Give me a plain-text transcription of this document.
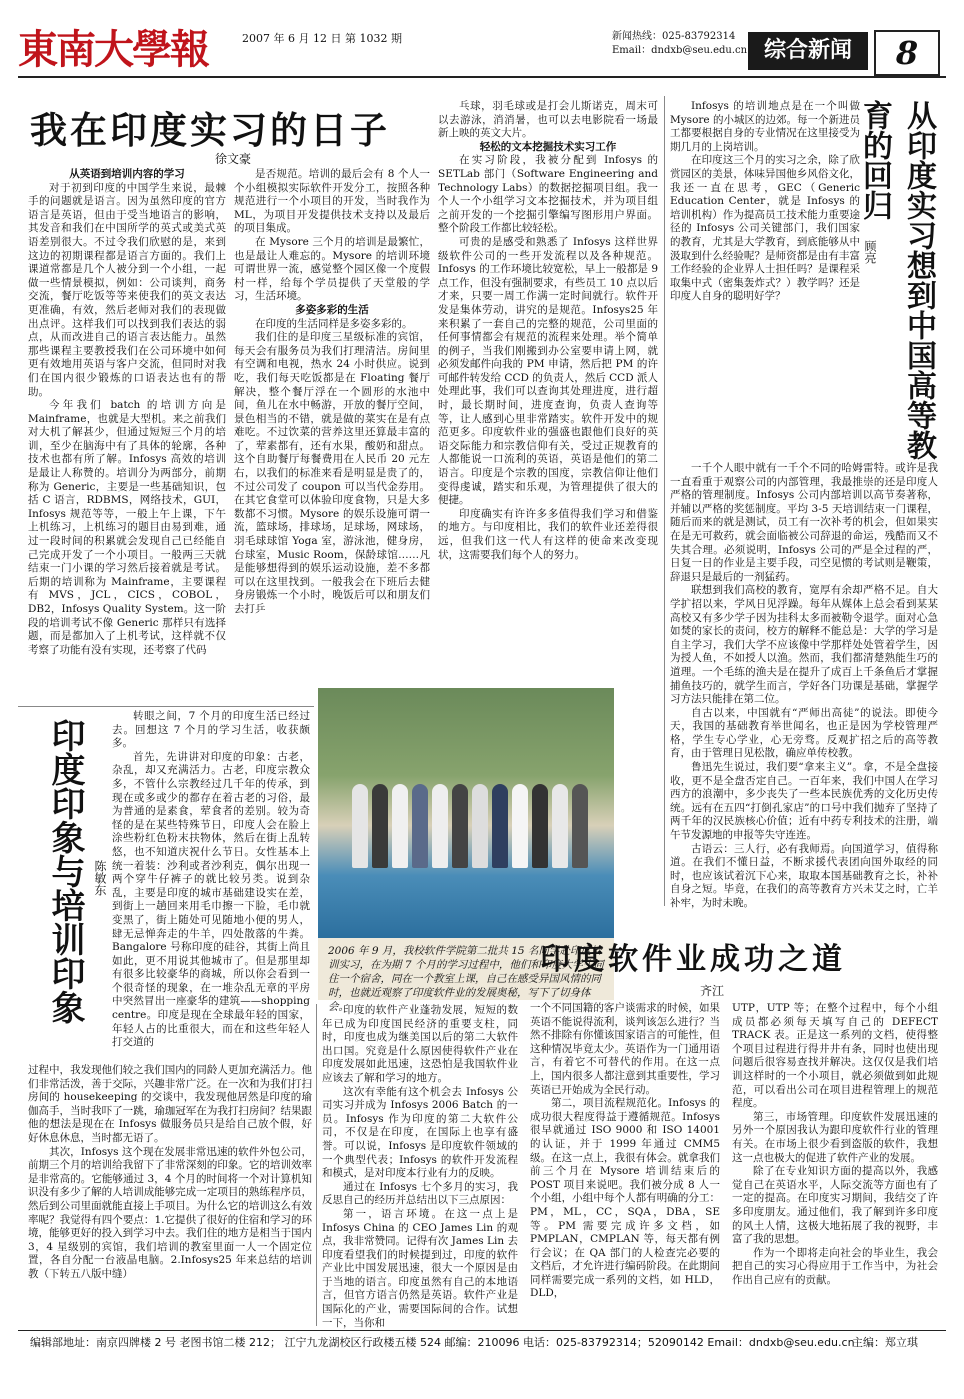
東南大學報	2007 年 6 月 12 日 第 1032 期	新闻热线：025-83792314
Email：dndxb@seu.edu.cn 综合新闻	8
我在印度实习的日子
徐文豪

从英语到培训内容的学习

对于初到印度的中国学生来说，最棘手的问题就是语言。因为虽然印度的官方语言是英语，但由于受当地语言的影响，其发音和我们在中国所学的英式或美式英语差别很大。不过令我们欣慰的是，来到这边的初期课程都是语言方面的。我们上课道常都是几个人被分到一个小组，一起做一些情景模拟，例如：公司谈判，商务交流，餐厅吃饭等等来使我们的英文表达更准确，有效，然后老师对我们的表现做出点评。这样我们可以找到我们表达的弱点，从而改进自己的语言表达能力。虽然那些课程主要教授我们在公司环境中如何更有效地用英语与客户交流，但同时对我们在国内很少锻炼的口语表达也有的帮助。

今年我们 batch 的培训方向是 Mainframe，也就是大型机。来之前我们对大机了解甚少，但通过短短三个月的培训，至少在脑海中有了具体的轮廓，各种技术也都有所了解。Infosys 高效的培训是最让人称赞的。培训分为两部分，前期称为 Generic，主要是一些基础知识，包括 C 语言，RDBMS，网络技术，GUI，Infosys 规范等等，一般上午上课，下午上机练习，上机练习的题目由易到难，通过一段时间的积累就会发现自己已经能自己完成开发了一个小项目。一般两三天就结束一门小课的学习然后接着就是考试。后期的培训称为 Mainframe，主要课程有 MVS，JCL，CICS，COBOL，DB2，Infosys Quality System。这一阶段的培训考试不像 Generic 那样只有选择题，而是都加入了上机考试，这样就不仅考察了功能有没有实现，还考察了代码

是否规范。培训的最后会有 8 个人一个小组模拟实际软件开发分工，按照各种规范进行一个小项目的开发，当时我作为 ML，为项目开发提供技术支持以及最后的项目集成。

在 Mysore 三个月的培训是最繁忙，也是最让人难忘的。Mysore 的培训环境可谓世界一流，感觉整个园区像一个度假村一样，给每个学员提供了天堂般的学习，生活环境。

多姿多彩的生活

在印度的生活同样是多姿多彩的。

我们住的是印度三星级标准的宾馆，每天会有服务员为我们打理清洁。房间里有空调和电视，热水 24 小时供应。说到吃，我们每天吃饭都是在 Floating 餐厅解决，整个餐厅浮在一个圆形的水池中间，鱼儿在水中畅游，开放的餐厅空间，景色相当的不错，就是做的菜实在是有点难吃。不过饮菜的营养这里还算最丰富的了，荤素都有，还有水果，酸奶和甜点。这个自助餐厅每餐费用在人民币 20 元左右，以我们的标准来看是明显是贵了的，不过公司发了 coupon 可以当代金券用。在其它食堂可以体验印度食物，只是大多数都不习惯。Mysore 的娱乐设施可谓一流，篮球场，排球场，足球场，网球场，羽毛球球馆 Yoga 室，游泳池，健身房，台球室，Music Room，保龄球馆……凡是能够想得到的娱乐运动设施，差不多都可以在这里找到。一般我会在下班后去健身房锻炼一个小时，晚饭后可以和朋友们去打乒

乓球，羽毛球或是打会儿斯诺克，周末可以去游泳，消消暑，也可以去电影院看一场最新上映的英文大片。

轻松的文本挖掘技术实习工作

在实习阶段，我被分配到 Infosys 的 SETLab 部门（Software Engineering and Technology Labs）的数据挖掘项目组。我一个人一个小组学习文本挖掘技术，并为项目组之前开发的一个挖掘引擎编写图形用户界面。整个阶段工作都比较轻松。

可贵的是感受和熟悉了 Infosys 这样世界级软件公司的一些开发流程以及各种规范。Infosys 的工作环境比较宽松，早上一般都是 9 点工作，但没有强制要求，有些员工 10 点以后才来，只要一周工作满一定时间就行。软件开发是集体劳动，讲究的是规范。Infosys25 年来积累了一套自己的完整的规范，公司里面的任何事情都会有规范的流程来处理。举个简单的例子，当我们刚搬到办公室要申请上网，就必须发邮件向我的 PM 申请，然后把 PM 的许可邮件转发给 CCD 的负责人，然后 CCD 派人处理此事，我们可以查询其处理进度，进行超时，最长期时间，进度查询，负责人查询等等，让人感到心里非常踏实。软件开发中的规范更多。印度软件业的强盛也跟他们良好的英语交际能力和宗教信仰有关，受过正规教育的人都能说一口流利的英语，英语是他们的第二语言。印度是个宗教的国度，宗教信仰让他们变得虔诚，踏实和乐观，为管理提供了很大的便捷。

印度确实有许许多多值得我们学习和借鉴的地方。与印度相比，我们的软件业还差得很远，但我们这一代人有这样的使命来改变现状，这需要我们每个人的努力。

从印度实习想到中国高等教育的回归
顾亮

Infosys 的培训地点是在一个叫做 Mysore 的小城区的边郊。每一个新进员工都要根据自身的专业情况在这里接受为期几月的上岗培训。

在印度这三个月的实习之余，除了欣赏园区的美景，体味异国他乡风俗文化，我还一直在思考，GEC（Generic Education Center，就是 Infosys 的培训机构）作为提高员工技术能力重要途径的 Infosys 公司关键部门，我们国家的教育，尤其是大学教育，到底能够从中汲取到什么经验呢？是师资都是由有丰富工作经验的企业界人士担任吗？是课程采取集中式（密集轰炸式？）教学吗？还是印度人自身的聪明好学？

一千个人眼中就有一千个不同的哈姆雷特。或许是我一直看重于观察公司的内部管理，我最推崇的还是印度人严格的管理制度。Infosys 公司内部培训以高节奏著称，并辅以严格的奖惩制度。平均 3-5 天培训结束一门课程，随后而来的就是测试，员工有一次补考的机会，但如果实在是无可救药，就会面临被公司辞退的命运，残酷而又不失其合理。必须说明，Infosys 公司的严是全过程的严，日复一日的作业是主要手段，司空见惯的考试则是鞭策，辞退只是最后的一剂猛药。

联想到我们高校的教育，宽厚有余却严格不足。自大学扩招以来，学风日见浮躁。每年从媒体上总会看到某某高校又有多少学子因为挂科太多而被勒令退学。面对心急如焚的家长的责问，校方的解释不能总是：大学的学习是自主学习，我们大学不应该像中学那样处处管着学生，因为授人鱼，不如授人以渔。然而，我们都清楚熟能生巧的道理。一个毛练的渔夫是在提升了成百上千条鱼后才掌握捕鱼技巧的，就学生而言，学好各门功课是基础，掌握学习方法只能排在第二位。

自古以来，中国就有“严师出高徒”的说法。即使今天，我国的基础教育举世闻名，也正是因为学校管理严格，学生专心学业，心无旁骛。反观扩招之后的高等教育，由于管理日见松散，确应单传校教。

鲁迅先生说过，我们要“拿来主义”。拿，不是全盘接收，更不是全盘否定自己。一百年来，我们中国人在学习西方的浪潮中，多少丧失了一些本民族优秀的文化历史传统。远有在五四“打倒孔家店”的口号中我们抛弃了坚持了两千年的汉民族核心价值；近有中药专利技术的注册，端午节发源地的申报等失守连连。

古语云：三人行，必有我师焉。向国道学习，值得称道。在我们不懂日益，不断求援代表团向国外取经的同时，也应该试着沉下心来，取取本国基础教育之长，补补自身之短。毕竟，在我们的高等教育方兴未艾之时，亡羊补牢，为时未晚。

2006 年 9 月，我校软件学院第二批共 15 名同学赴印度培训实习，在为期 7 个月的学习过程中，他们和印度大学生同住一个宿舍，同在一个教室上课，自己在感受异国风情的同时，也就近观察了印度软件业的发展奥秘，写下了切身体会。
印度印象与培训印象 陈敏东

转眼之间，7 个月的印度生活已经过去。回想这 7 个月的学习生活，收获颇多。

首先，先讲讲对印度的印象：古老，杂乱，却又充满活力。古老，印度宗教众多，不管什么宗教经过几千年的传承，到现在或多或少的都存在着古老的习俗，最为普通的是素食，荤食者的差别。较为奇怪的是在某些特殊节日，印度人会在脸上涂些粉红色粉末扶物体，然后在街上乱转悠，也不知道庆祝什么节日。女性基本上统一着装：沙利或者沙利克，偶尔出现一两个穿牛仔裤子的就比较另类。说到杂乱，主要是印度的城市基础建设实在差，到街上一趟回来用毛巾擦一下脸，毛巾就变黑了，街上随处可见随地小便的男人，肆无忌惮奔走的牛羊，四处散落的牛粪。Bangalore 号称印度的硅谷，其街上尚且如此，更不用说其他城市了。但是那里却有很多比较豪华的商城，所以你会看到一个很奇怪的现象，在一堆杂乱无章的平房中突然冒出一座豪华的建筑——shopping centre。印度是现在全球最年轻的国家，年轻人占的比重很大，而在和这些年轻人打交道的

过程中，我发现他们较之我们国内的同龄人更加充满活力。他们非常活泼，善于交际，兴趣非常广泛。在一次和为我们打扫房间的 housekeeping 的交谈中，我发现他居然是印度的瑜伽高手，当时我吓了一跳，瑜珈冠军在为我打扫房间？结果跟他的想法是现在在 Infosys 做服务员只是给自己放个假，好好休息休息，当时都无语了。

其次，Infosys 这个现在发展非常迅速的软件外包公司，前期三个月的培训给我留下了非常深刻的印象。它的培训效率是非常高的。它能够通过 3，4 个月的时间将一个对计算机知识没有多少了解的人培训成能够完成一定项目的熟练程序员，然后到公司里面就能直接上手项目。为什么它的培训这么有效率呢？我觉得有四个要点：1.它提供了很好的住宿和学习的环境，能够更好的投入到学习中去。我们住的地方是相当于国内 3，4 星级别的宾馆，我们培训的教室里面一人一个固定位置，各自分配一台液晶电脑。2.Infosys25 年来总结的培训教（下转五八版中缝）

印度软件业成功之道
齐江

印度的软件产业蓬勃发展，短短的数年已成为印度国民经济的重要支柱，同时，印度也成为继美国以后的第二大软件出口国。究竟是什么原因使得软件产业在印度发展如此迅速，这恐怕是我国软件业应该去了解和学习的地方。

这次有幸能有这个机会去 Infosys 公司实习并成为 Infosys 2006 Batch 的一员。Infosys 作为印度的第二大软件公司，不仅是在印度，在国际上也享有盛誉。可以说，Infosys 是印度软件领域的一个典型代表；Infosys 的软件开发流程和模式，是对印度本行业有力的反映。

通过在 Infosys 七个多月的实习，我反思自己的经历并总结出以下三点原因：

第一，语言环境。在这一点上是 Infosys China 的 CEO James Lin 的观点，我非常赞同。记得有次 James Lin 去印度看望我们的时候提到过，印度的软件产业比中国发展迅速，很大一个原因是由于当地的语言。印度虽然有自己的本地语言，但官方语言仍然是英语。软件产业是国际化的产业，需要国际间的合作。试想一下，当你和

一个不同国籍的客户谈需求的时候，如果英语不能说得流利，谈判该怎么进行？当然不排除有你懂该国家语言的可能性，但这种情况毕竟太少。英语作为一门通用语言，有着它不可替代的作用。在这一点上，国内很多人都注意到其重要性，学习英语已开始成为全民行动。

第二，项目流程规范化。Infosys 的成功很大程度得益于遵循规范。Infosys 很早就通过 ISO 9000 和 ISO 14001 的认证，并于 1999 年通过 CMM5 级。在这一点上，我很有体会。就拿我们前三个月在 Mysore 培训结束后的 POST 项目来说吧。我们被分成 8 人一个小组，小组中每个人都有明确的分工：PM，ML，CC，SQA，DBA，SE 等。PM 需要完成许多文档，如 PMPLAN，CMPLAN 等，每天都有例行会议；在 QA 部门的人检查完必要的文档后，才允许进行编码阶段。在此期间同样需要完成一系列的文档，如 HLD，DLD，

UTP，UTP 等；在整个过程中，每个小组成员都必须每天填写自己的 DEFECT TRACK 表。正是这一系列的文档，使得整个项目过程进行得井井有条，同时也使出现问题后很容易查找并解决。这仅仅是我们培训这样时的一个小项目，就必须做到如此规范，可以看出公司在项目进程管理上的规范程度。

第三，市场管理。印度软件发展迅速的另外一个原因我认为跟印度软件行业的管理有关。在市场上很少看到盗版的软件，我想这一点也极大的促进了软件产业的发展。

除了在专业知识方面的提高以外，我感觉自己在英语水平，人际交流等方面也有了一定的提高。在印度实习期间，我结交了许多印度朋友。通过他们，我了解到许多印度的风土人情，这极大地拓展了我的视野，丰富了我的思想。

作为一个即将走向社会的毕业生，我会把自己的实习心得应用于工作当中，为社会作出自己应有的贡献。

编辑部地址：南京四牌楼 2 号 老图书馆二楼 212； 江宁九龙湖校区行政楼五楼 524 邮编：210096 电话：025-83792314；52090142 Email：dndxb@seu.edu.cn
主编：郑立琪
